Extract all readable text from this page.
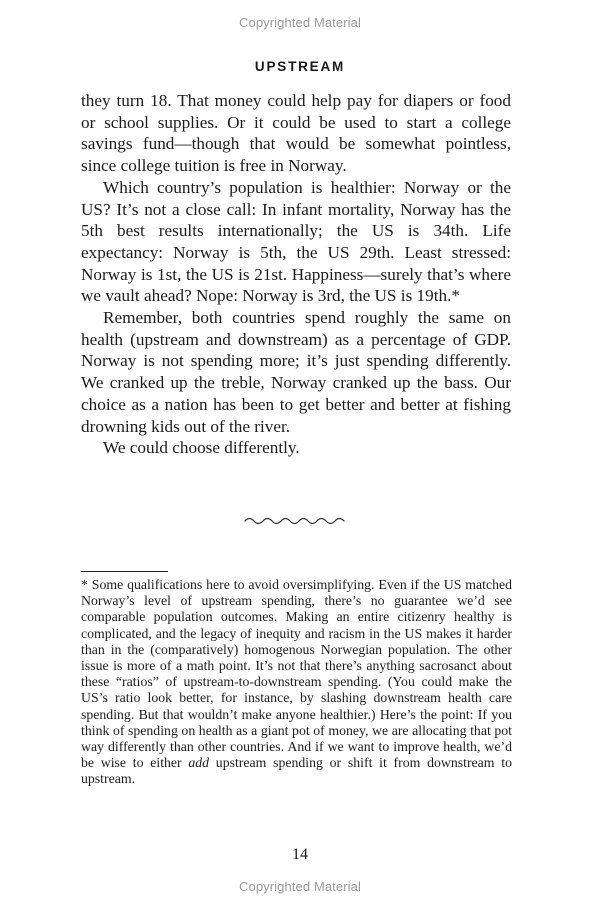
Copyrighted Material
UPSTREAM

they turn 18. That money could help pay for diapers or food or school supplies. Or it could be used to start a college savings fund—though that would be somewhat pointless, since college tuition is free in Norway.

Which country’s population is healthier: Norway or the US? It’s not a close call: In infant mortality, Norway has the 5th best results internationally; the US is 34th. Life expectancy: Norway is 5th, the US 29th. Least stressed: Norway is 1st, the US is 21st. Happiness—surely that’s where we vault ahead? Nope: Norway is 3rd, the US is 19th.*

Remember, both countries spend roughly the same on health (upstream and downstream) as a percentage of GDP. Norway is not spending more; it’s just spending differently. We cranked up the treble, Norway cranked up the bass. Our choice as a nation has been to get better and better at fishing drowning kids out of the river.

We could choose differently.

* Some qualifications here to avoid oversimplifying. Even if the US matched Norway’s level of upstream spending, there’s no guarantee we’d see comparable population outcomes. Making an entire citizenry healthy is complicated, and the legacy of inequity and racism in the US makes it harder than in the (comparatively) homogenous Norwegian population. The other issue is more of a math point. It’s not that there’s anything sacrosanct about these “ratios” of upstream-to-downstream spending. (You could make the US’s ratio look better, for instance, by slashing downstream health care spending. But that wouldn’t make anyone healthier.) Here’s the point: If you think of spending on health as a giant pot of money, we are allocating that pot way differently than other countries. And if we want to improve health, we’d be wise to either add upstream spending or shift it from downstream to upstream.

14
Copyrighted Material
